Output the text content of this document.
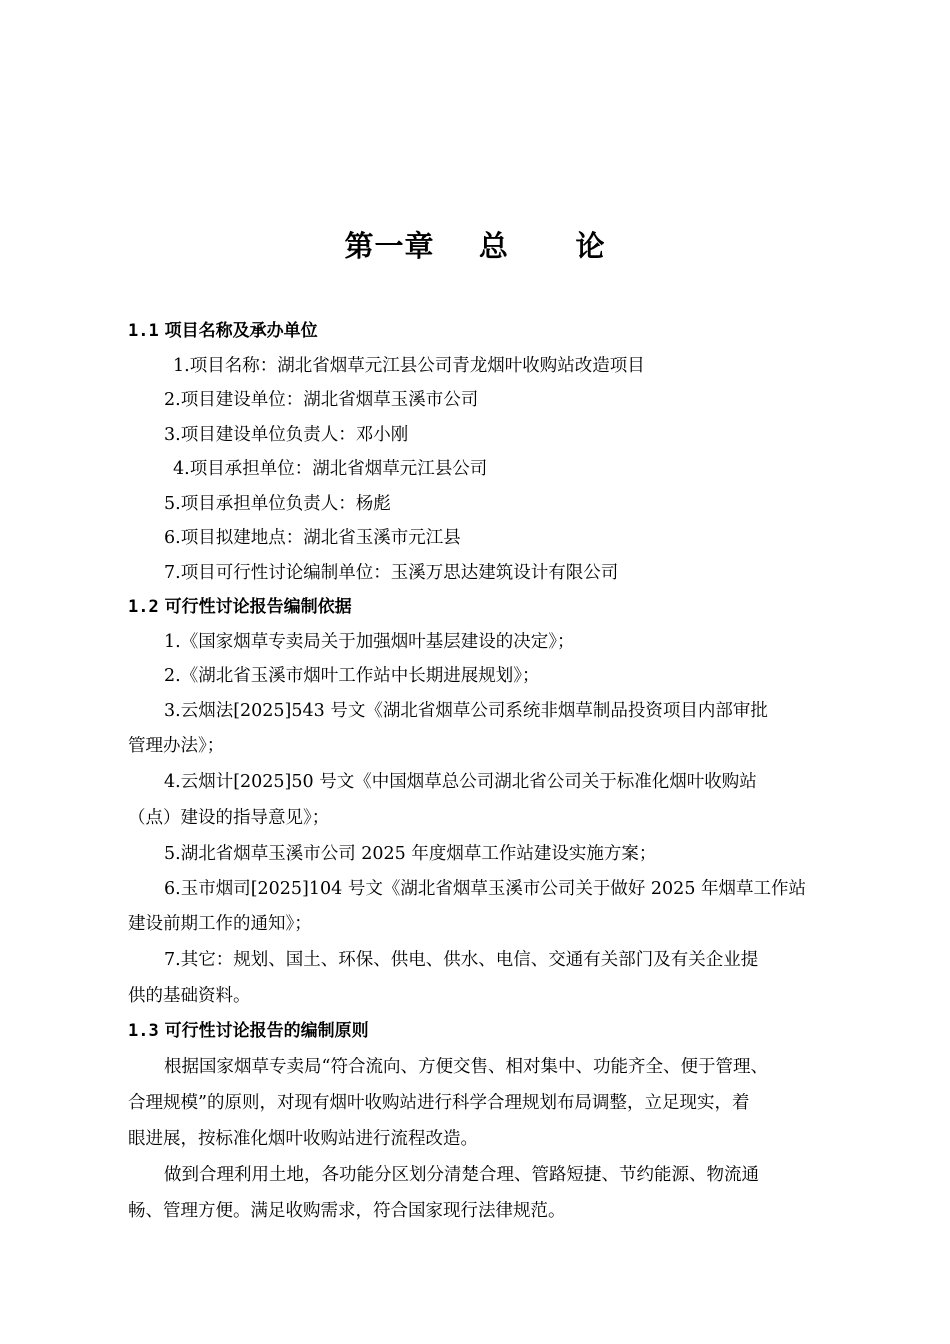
第一章    总      论
1.1 项目名称及承办单位
1.项目名称：湖北省烟草元江县公司青龙烟叶收购站改造项目
2.项目建设单位：湖北省烟草玉溪市公司
3.项目建设单位负责人：邓小刚
4.项目承担单位：湖北省烟草元江县公司
5.项目承担单位负责人：杨彪
6.项目拟建地点：湖北省玉溪市元江县
7.项目可行性讨论编制单位：玉溪万思达建筑设计有限公司
1.2 可行性讨论报告编制依据
1.《国家烟草专卖局关于加强烟叶基层建设的决定》；
2.《湖北省玉溪市烟叶工作站中长期进展规划》；
3.云烟法[2025]543 号文《湖北省烟草公司系统非烟草制品投资项目内部审批
管理办法》；
4.云烟计[2025]50 号文《中国烟草总公司湖北省公司关于标准化烟叶收购站
（点）建设的指导意见》；
5.湖北省烟草玉溪市公司 2025 年度烟草工作站建设实施方案；
6.玉市烟司[2025]104 号文《湖北省烟草玉溪市公司关于做好 2025 年烟草工作站
建设前期工作的通知》；
7.其它：规划、国土、环保、供电、供水、电信、交通有关部门及有关企业提
供的基础资料。
1.3 可行性讨论报告的编制原则
根据国家烟草专卖局“符合流向、方便交售、相对集中、功能齐全、便于管理、
合理规模”的原则，对现有烟叶收购站进行科学合理规划布局调整，立足现实，着
眼进展，按标准化烟叶收购站进行流程改造。
做到合理利用土地，各功能分区划分清楚合理、管路短捷、节约能源、物流通
畅、管理方便。满足收购需求，符合国家现行法律规范。
